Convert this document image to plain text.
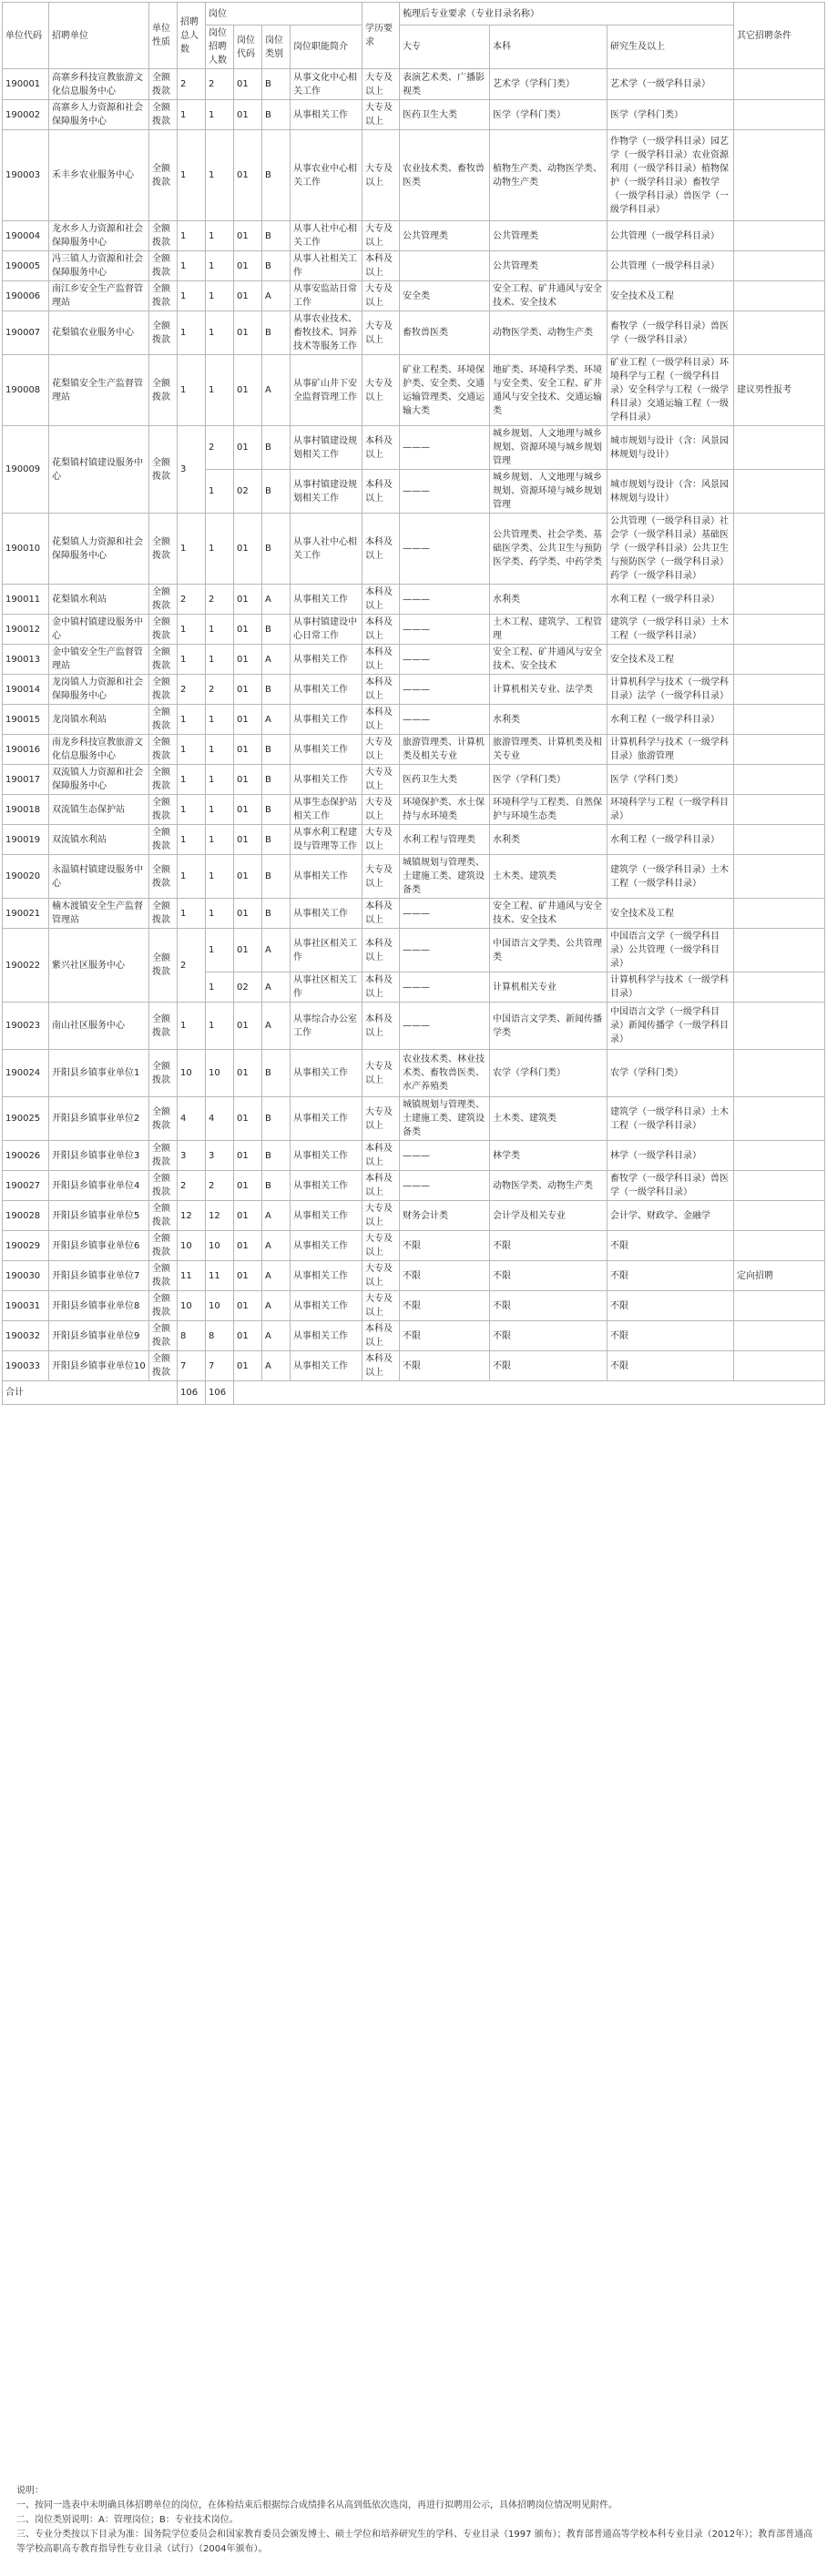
单位代码	招聘单位	单位性质	招聘总人数	岗位				学历要求	梳理后专业要求（专业目录名称）			其它招聘条件
				岗位招聘人数	岗位代码	岗位类别	岗位职能简介		大专	本科	研究生及以上	
190001	高寨乡科技宣教旅游文化信息服务中心	全额拨款	2	2	01	B	从事文化中心相关工作	大专及以上	表演艺术类、广播影视类	艺术学（学科门类）	艺术学（一级学科目录）	
190002	高寨乡人力资源和社会保障服务中心	全额拨款	1	1	01	B	从事相关工作	大专及以上	医药卫生大类	医学（学科门类）	医学（学科门类）	
190003	禾丰乡农业服务中心	全额拨款	1	1	01	B	从事农业中心相关工作	大专及以上	农业技术类、畜牧兽医类	植物生产类、动物医学类、动物生产类	作物学（一级学科目录）园艺学（一级学科目录）农业资源利用（一级学科目录）植物保护（一级学科目录）畜牧学（一级学科目录）兽医学（一级学科目录）	
190004	龙水乡人力资源和社会保障服务中心	全额拨款	1	1	01	B	从事人社中心相关工作	大专及以上	公共管理类	公共管理类	公共管理（一级学科目录）	
190005	冯三镇人力资源和社会保障服务中心	全额拨款	1	1	01	B	从事人社相关工作	本科及以上		公共管理类	公共管理（一级学科目录）	
190006	南江乡安全生产监督管理站	全额拨款	1	1	01	A	从事安监站日常工作	大专及以上	安全类	安全工程、矿井通风与安全技术、安全技术	安全技术及工程	
190007	花梨镇农业服务中心	全额拨款	1	1	01	B	从事农业技术、畜牧技术、饲养技术等服务工作	大专及以上	畜牧兽医类	动物医学类、动物生产类	畜牧学（一级学科目录）兽医学（一级学科目录）	
190008	花梨镇安全生产监督管理站	全额拨款	1	1	01	A	从事矿山井下安全监督管理工作	大专及以上	矿业工程类、环境保护类、安全类、交通运输管理类、交通运输大类	地矿类、环境科学类、环境与安全类、安全工程、矿井通风与安全技术、交通运输类	矿业工程（一级学科目录）环境科学与工程（一级学科目录）安全科学与工程（一级学科目录）交通运输工程（一级学科目录）	建议男性报考
190009	花梨镇村镇建设服务中心	全额拨款	3	2	01	B	从事村镇建设规划相关工作	本科及以上	———	城乡规划、人文地理与城乡规划、资源环境与城乡规划管理	城市规划与设计（含：风景园林规划与设计）	
				1	02	B	从事村镇建设规划相关工作	本科及以上	———	城乡规划、人文地理与城乡规划、资源环境与城乡规划管理	城市规划与设计（含：风景园林规划与设计）	
190010	花梨镇人力资源和社会保障服务中心	全额拨款	1	1	01	B	从事人社中心相关工作	本科及以上	———	公共管理类、社会学类、基础医学类、公共卫生与预防医学类、药学类、中药学类	公共管理（一级学科目录）社会学（一级学科目录）基础医学（一级学科目录）公共卫生与预防医学（一级学科目录）药学（一级学科目录）	
190011	花梨镇水利站	全额拨款	2	2	01	A	从事相关工作	本科及以上	———	水利类	水利工程（一级学科目录）	
190012	金中镇村镇建设服务中心	全额拨款	1	1	01	B	从事村镇建设中心日常工作	本科及以上	———	土木工程、建筑学、工程管理	建筑学（一级学科目录）土木工程（一级学科目录）	
190013	金中镇安全生产监督管理站	全额拨款	1	1	01	A	从事相关工作	本科及以上	———	安全工程、矿井通风与安全技术、安全技术	安全技术及工程	
190014	龙岗镇人力资源和社会保障服务中心	全额拨款	2	2	01	B	从事相关工作	本科及以上	———	计算机相关专业、法学类	计算机科学与技术（一级学科目录）法学（一级学科目录）	
190015	龙岗镇水利站	全额拨款	1	1	01	A	从事相关工作	本科及以上	———	水利类	水利工程（一级学科目录）	
190016	南龙乡科技宣教旅游文化信息服务中心	全额拨款	1	1	01	B	从事相关工作	大专及以上	旅游管理类、计算机类及相关专业	旅游管理类、计算机类及相关专业	计算机科学与技术（一级学科目录）旅游管理	
190017	双流镇人力资源和社会保障服务中心	全额拨款	1	1	01	B	从事相关工作	大专及以上	医药卫生大类	医学（学科门类）	医学（学科门类）	
190018	双流镇生态保护站	全额拨款	1	1	01	B	从事生态保护站相关工作	大专及以上	环境保护类、水土保持与水环境类	环境科学与工程类、自然保护与环境生态类	环境科学与工程（一级学科目录）	
190019	双流镇水利站	全额拨款	1	1	01	B	从事水利工程建设与管理等工作	大专及以上	水利工程与管理类	水利类	水利工程（一级学科目录）	
190020	永温镇村镇建设服务中心	全额拨款	1	1	01	B	从事相关工作	大专及以上	城镇规划与管理类、土建施工类、建筑设备类	土木类、建筑类	建筑学（一级学科目录）土木工程（一级学科目录）	
190021	楠木渡镇安全生产监督管理站	全额拨款	1	1	01	B	从事相关工作	本科及以上	———	安全工程、矿井通风与安全技术、安全技术	安全技术及工程	
190022	紫兴社区服务中心	全额拨款	2	1	01	A	从事社区相关工作	本科及以上	———	中国语言文学类、公共管理类	中国语言文学（一级学科目录）公共管理（一级学科目录）	
				1	02	A	从事社区相关工作	本科及以上	———	计算机相关专业	计算机科学与技术（一级学科目录）	
190023	南山社区服务中心	全额拨款	1	1	01	A	从事综合办公室工作	本科及以上	———	中国语言文学类、新闻传播学类	中国语言文学（一级学科目录）新闻传播学（一级学科目录）	
190024	开阳县乡镇事业单位1	全额拨款	10	10	01	B	从事相关工作	大专及以上	农业技术类、林业技术类、畜牧兽医类、水产养殖类	农学（学科门类）	农学（学科门类）	
190025	开阳县乡镇事业单位2	全额拨款	4	4	01	B	从事相关工作	大专及以上	城镇规划与管理类、土建施工类、建筑设备类	土木类、建筑类	建筑学（一级学科目录）土木工程（一级学科目录）	
190026	开阳县乡镇事业单位3	全额拨款	3	3	01	B	从事相关工作	本科及以上	———	林学类	林学（一级学科目录）	
190027	开阳县乡镇事业单位4	全额拨款	2	2	01	B	从事相关工作	本科及以上	———	动物医学类、动物生产类	畜牧学（一级学科目录）兽医学（一级学科目录）	
190028	开阳县乡镇事业单位5	全额拨款	12	12	01	A	从事相关工作	大专及以上	财务会计类	会计学及相关专业	会计学、财政学、金融学	
190029	开阳县乡镇事业单位6	全额拨款	10	10	01	A	从事相关工作	大专及以上	不限	不限	不限	
190030	开阳县乡镇事业单位7	全额拨款	11	11	01	A	从事相关工作	大专及以上	不限	不限	不限	定向招聘
190031	开阳县乡镇事业单位8	全额拨款	10	10	01	A	从事相关工作	大专及以上	不限	不限	不限	
190032	开阳县乡镇事业单位9	全额拨款	8	8	01	A	从事相关工作	本科及以上	不限	不限	不限	
190033	开阳县乡镇事业单位10	全额拨款	7	7	01	A	从事相关工作	本科及以上	不限	不限	不限	
合计			106	106								
说明：
一、按同一选表中未明确具体招聘单位的岗位，在体检结束后根据综合成绩排名从高到低依次选岗，再进行拟聘用公示，具体招聘岗位情况明见附件。
二、岗位类别说明：A：管理岗位；B：专业技术岗位。
三、专业分类按以下目录为准：国务院学位委员会和国家教育委员会颁发博士、硕士学位和培养研究生的学科、专业目录（1997 颁布）；教育部普通高等学校本科专业目录（2012年）；教育部普通高等学校高职高专教育指导性专业目录（试行）（2004年颁布）。
